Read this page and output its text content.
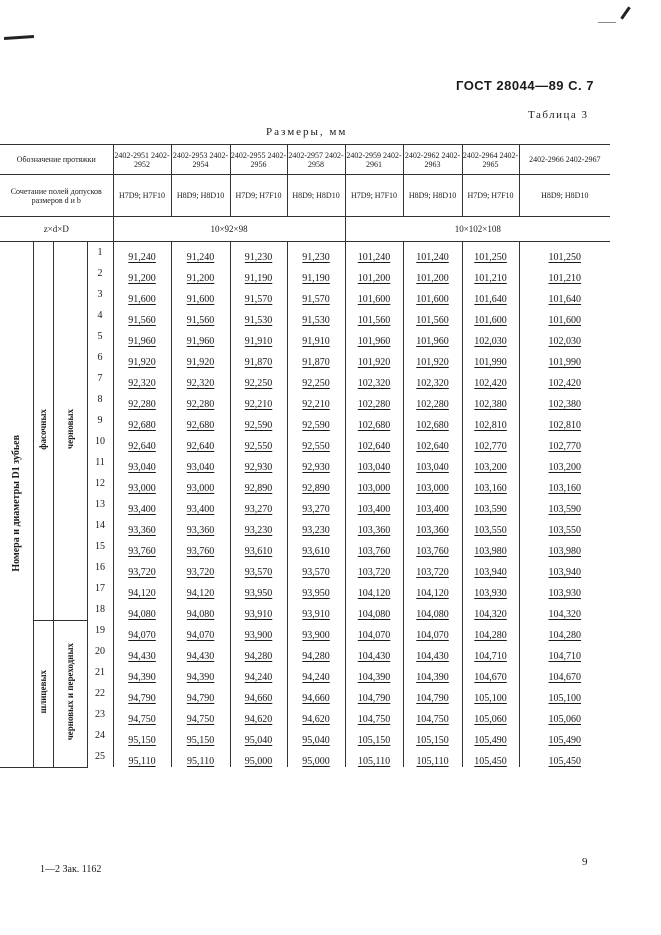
ГОСТ 28044—89 С. 7
Таблица 3
Размеры, мм
Обозначение протяжки				2402-2951 2402-2952	2402-2953 2402-2954	2402-2955 2402-2956	2402-2957 2402-2958	2402-2959 2402-2961	2402-2962 2402-2963	2402-2964 2402-2965	2402-2966 2402-2967
Сочетание полей допусков размеров d и b				H7D9; H7F10	H8D9; H8D10	H7D9; H7F10	H8D9; H8D10	H7D9; H7F10	H8D9; H8D10	H7D9; H7F10	H8D9; H8D10
z×d×D				10×92×98				10×102×108			
Номера и диаметры D1 зубьев	фасочных	черновых	1	91,240	91,240	91,230	91,230	101,240	101,240	101,250	101,250
			2	91,200	91,200	91,190	91,190	101,200	101,200	101,210	101,210
			3	91,600	91,600	91,570	91,570	101,600	101,600	101,640	101,640
			4	91,560	91,560	91,530	91,530	101,560	101,560	101,600	101,600
			5	91,960	91,960	91,910	91,910	101,960	101,960	102,030	102,030
			6	91,920	91,920	91,870	91,870	101,920	101,920	101,990	101,990
			7	92,320	92,320	92,250	92,250	102,320	102,320	102,420	102,420
			8	92,280	92,280	92,210	92,210	102,280	102,280	102,380	102,380
			9	92,680	92,680	92,590	92,590	102,680	102,680	102,810	102,810
			10	92,640	92,640	92,550	92,550	102,640	102,640	102,770	102,770
			11	93,040	93,040	92,930	92,930	103,040	103,040	103,200	103,200
			12	93,000	93,000	92,890	92,890	103,000	103,000	103,160	103,160
			13	93,400	93,400	93,270	93,270	103,400	103,400	103,590	103,590
			14	93,360	93,360	93,230	93,230	103,360	103,360	103,550	103,550
			15	93,760	93,760	93,610	93,610	103,760	103,760	103,980	103,980
			16	93,720	93,720	93,570	93,570	103,720	103,720	103,940	103,940
			17	94,120	94,120	93,950	93,950	104,120	104,120	103,930	103,930
			18	94,080	94,080	93,910	93,910	104,080	104,080	104,320	104,320
	шлицевых	черновых и переходных	19	94,070	94,070	93,900	93,900	104,070	104,070	104,280	104,280
			20	94,430	94,430	94,280	94,280	104,430	104,430	104,710	104,710
			21	94,390	94,390	94,240	94,240	104,390	104,390	104,670	104,670
			22	94,790	94,790	94,660	94,660	104,790	104,790	105,100	105,100
			23	94,750	94,750	94,620	94,620	104,750	104,750	105,060	105,060
			24	95,150	95,150	95,040	95,040	105,150	105,150	105,490	105,490
			25	95,110	95,110	95,000	95,000	105,110	105,110	105,450	105,450
1—2 Зак. 1162
9
